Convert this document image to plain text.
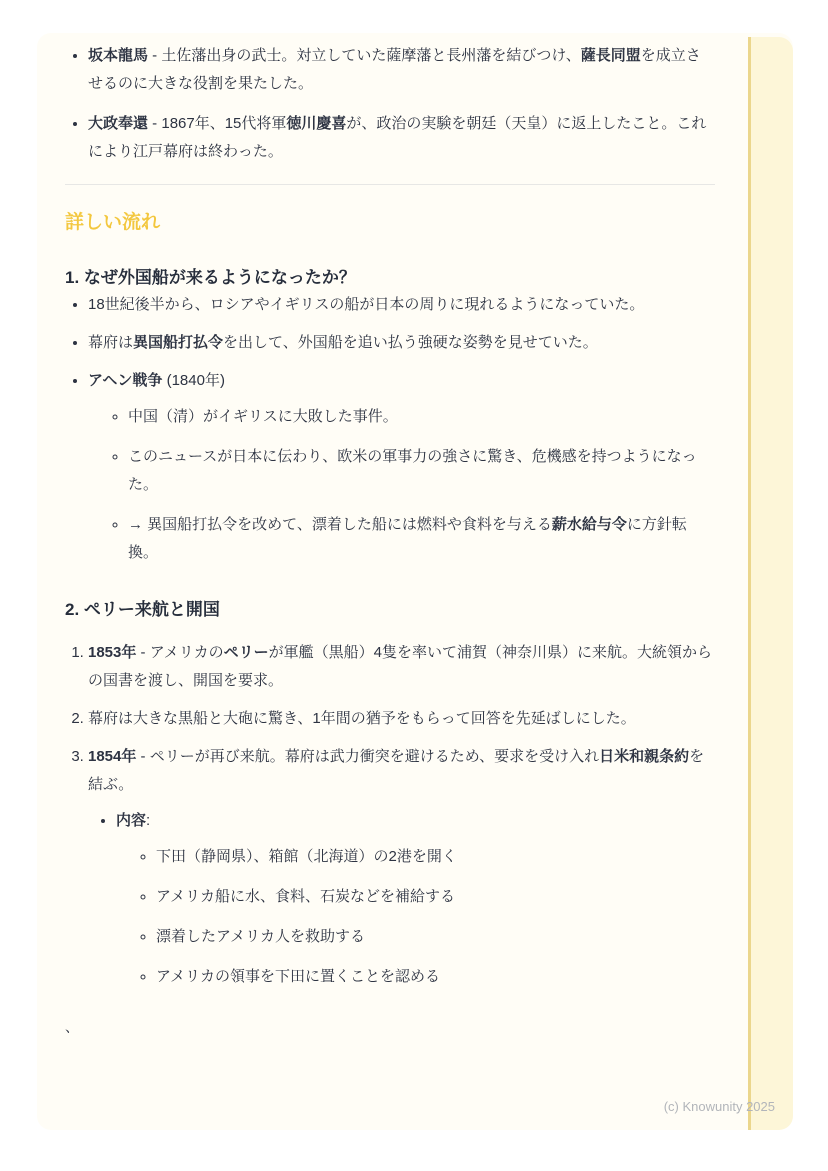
• 坂本龍馬 - 土佐藩出身の武士。対立していた薩摩藩と長州藩を結びつけ、薩長同盟を成立させるのに大きな役割を果たした。
• 大政奉還 - 1867年、15代将軍徳川慶喜が、政治の実験を朝廷（天皇）に返上したこと。これにより江戸幕府は終わった。
詳しい流れ
1. なぜ外国船が来るようになったか？
• 18世紀後半から、ロシアやイギリスの船が日本の周りに現れるようになっていた。
• 幕府は異国船打払令を出して、外国船を追い払う強硬な姿勢を見せていた。
• アヘン戦争 (1840年)
◦ 中国（清）がイギリスに大敗した事件。
◦ このニュースが日本に伝わり、欧米の軍事力の強さに驚き、危機感を持つようになった。
◦ → 異国船打払令を改めて、漂着した船には燃料や食料を与える薪水給与令に方針転換。
2. ペリー来航と開国
1. 1853年 - アメリカのペリーが軍艦（黒船）4隻を率いて浦賀（神奈川県）に来航。大統領からの国書を渡し、開国を要求。
2. 幕府は大きな黒船と大砲に驚き、1年間の猶予をもらって回答を先延ばしにした。
3. 1854年 - ペリーが再び来航。幕府は武力衝突を避けるため、要求を受け入れ日米和親条約を結ぶ。
• 内容:
◦ 下田（静岡県）、箱館（北海道）の2港を開く
◦ アメリカ船に水、食料、石炭などを補給する
◦ 漂着したアメリカ人を救助する
◦ アメリカの領事を下田に置くことを認める
、
(c) Knowunity 2025
